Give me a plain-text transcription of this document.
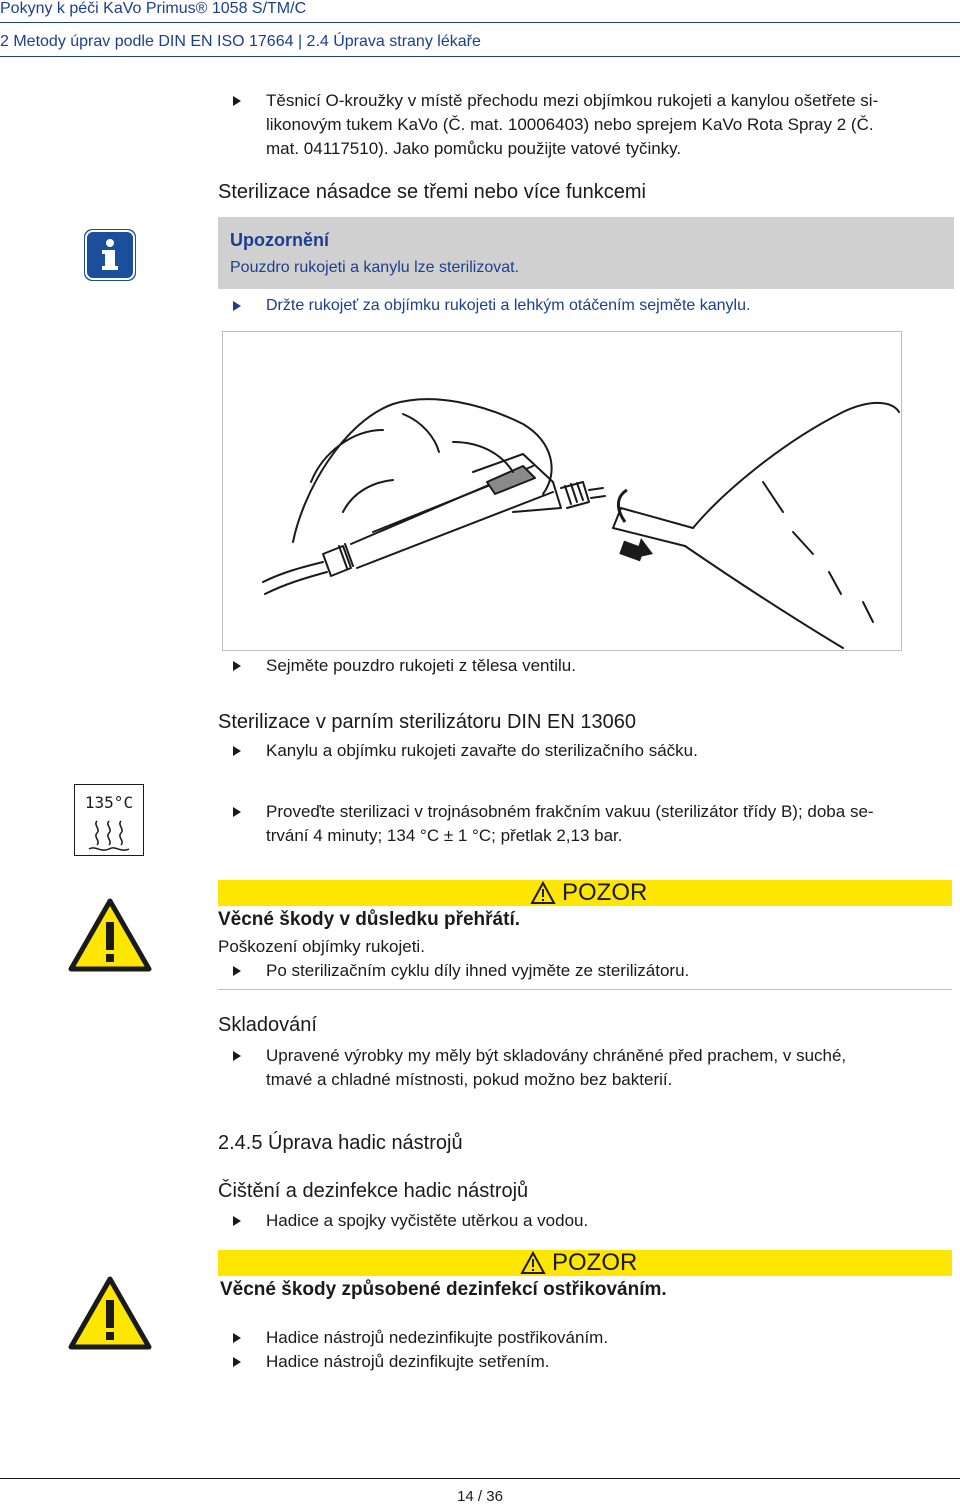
Pokyny k péči KaVo Primus® 1058 S/TM/C
2 Metody úprav podle DIN EN ISO 17664 | 2.4 Úprava strany lékaře
Těsnicí O-kroužky v místě přechodu mezi objímkou rukojeti a kanylou ošetřete si-
likonovým tukem KaVo (Č. mat. 10006403) nebo sprejem KaVo Rota Spray 2 (Č.
mat. 04117510). Jako pomůcku použijte vatové tyčinky.
Sterilizace násadce se třemi nebo více funkcemi
Upozornění
Pouzdro rukojeti a kanylu lze sterilizovat.
Držte rukojeť za objímku rukojeti a lehkým otáčením sejměte kanylu.
Sejměte pouzdro rukojeti z tělesa ventilu.
Sterilizace v parním sterilizátoru DIN EN 13060
Kanylu a objímku rukojeti zavařte do sterilizačního sáčku.
135°C	Proveďte sterilizaci v trojnásobném frakčním vakuu (sterilizátor třídy B); doba se-
trvání 4 minuty; 134 °C ± 1 °C; přetlak 2,13 bar.
POZOR
Věcné škody v důsledku přehřátí.
Poškození objímky rukojeti.
Po sterilizačním cyklu díly ihned vyjměte ze sterilizátoru.
Skladování
Upravené výrobky my měly být skladovány chráněné před prachem, v suché,
tmavé a chladné místnosti, pokud možno bez bakterií.
2.4.5 Úprava hadic nástrojů
Čištění a dezinfekce hadic nástrojů
Hadice a spojky vyčistěte utěrkou a vodou.
POZOR
Věcné škody způsobené dezinfekcí ostřikováním.
Hadice nástrojů nedezinfikujte postřikováním.
Hadice nástrojů dezinfikujte setřením.
14 / 36
